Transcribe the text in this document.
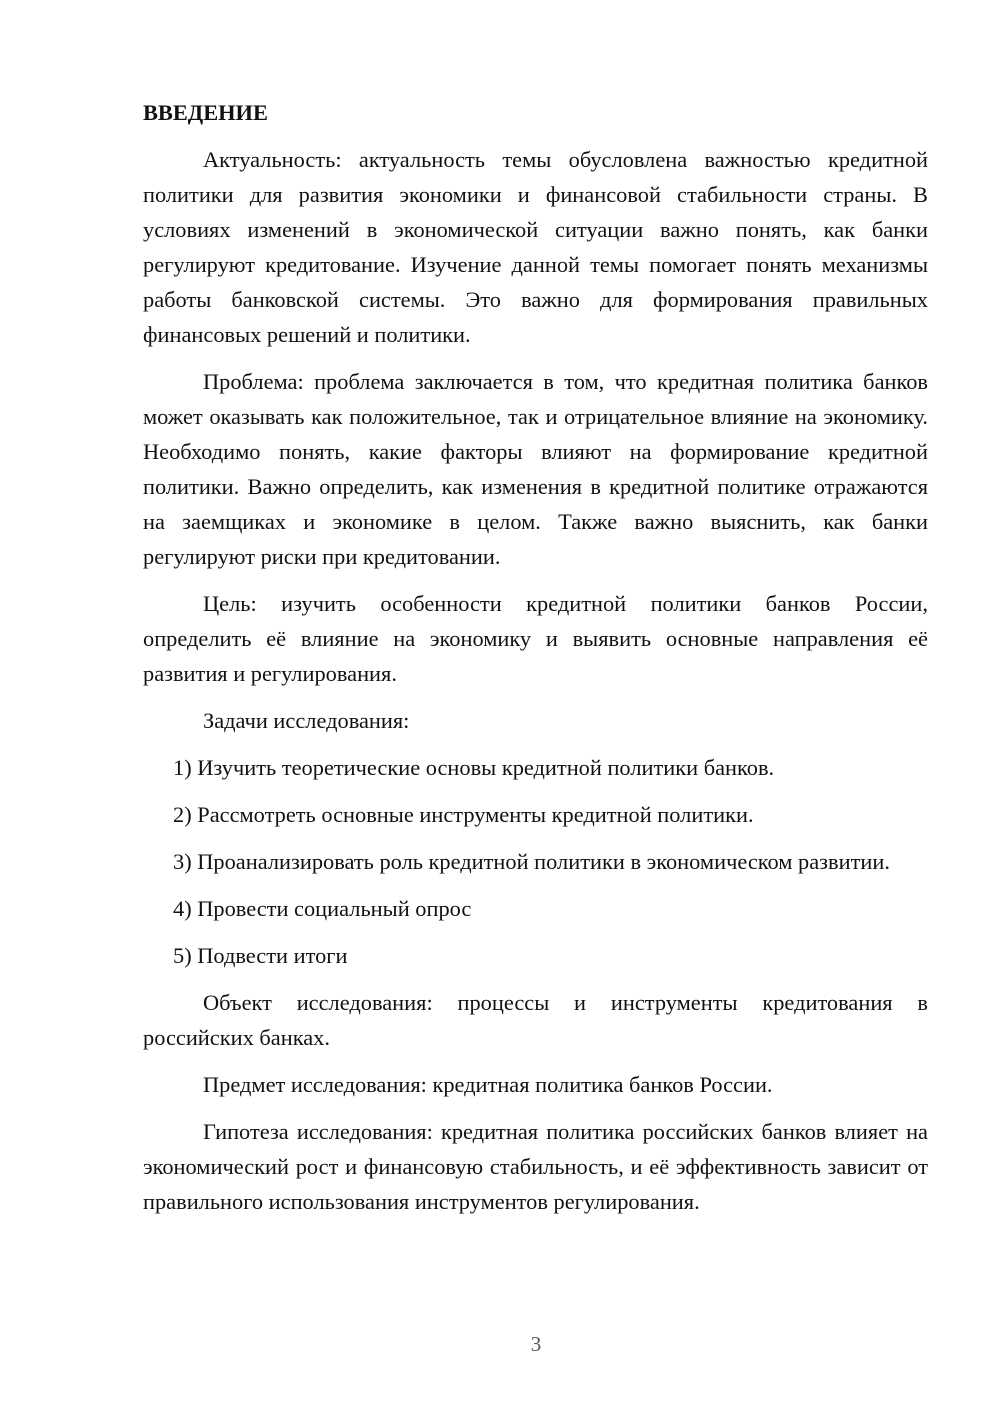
ВВЕДЕНИЕ

Актуальность: актуальность темы обусловлена важностью кредитной политики для развития экономики и финансовой стабильности страны. В условиях изменений в экономической ситуации важно понять, как банки регулируют кредитование. Изучение данной темы помогает понять механизмы работы банковской системы. Это важно для формирования правильных финансовых решений и политики.

Проблема: проблема заключается в том, что кредитная политика банков может оказывать как положительное, так и отрицательное влияние на экономику. Необходимо понять, какие факторы влияют на формирование кредитной политики. Важно определить, как изменения в кредитной политике отражаются на заемщиках и экономике в целом. Также важно выяснить, как банки регулируют риски при кредитовании.

Цель: изучить особенности кредитной политики банков России, определить её влияние на экономику и выявить основные направления её развития и регулирования.

Задачи исследования:

1) Изучить теоретические основы кредитной политики банков.

2) Рассмотреть основные инструменты кредитной политики.

3) Проанализировать роль кредитной политики в экономическом развитии.

4) Провести социальный опрос

5) Подвести итоги

Объект исследования: процессы и инструменты кредитования в российских банках.

Предмет исследования: кредитная политика банков России.

Гипотеза исследования: кредитная политика российских банков влияет на экономический рост и финансовую стабильность, и её эффективность зависит от правильного использования инструментов регулирования.

3
